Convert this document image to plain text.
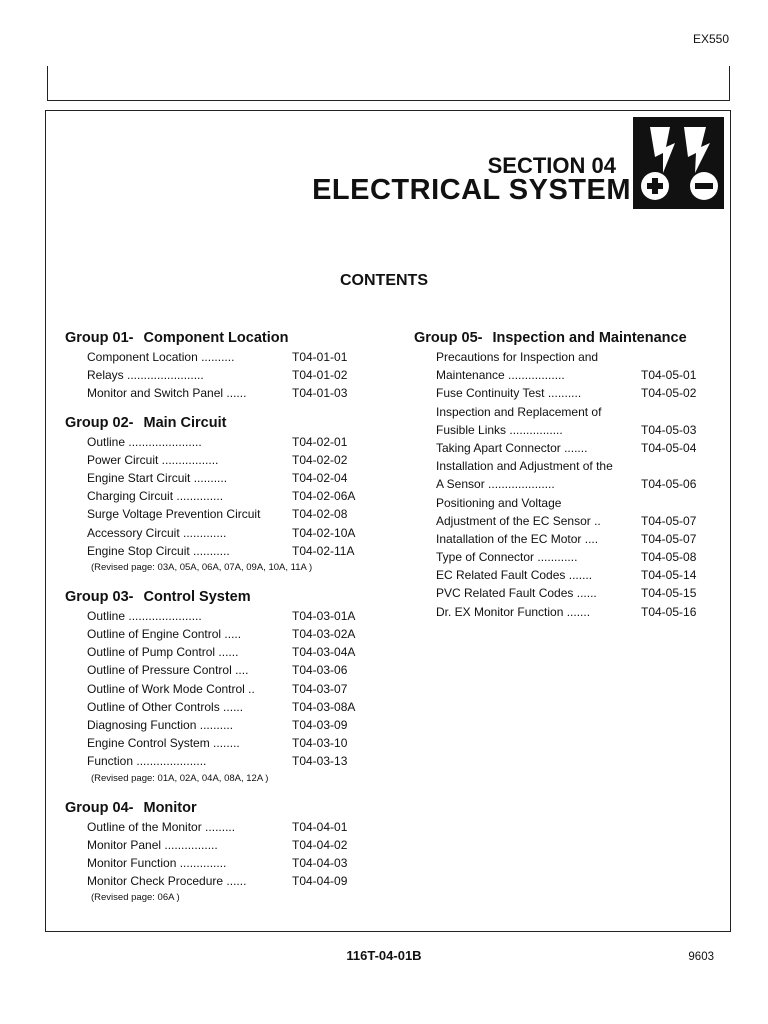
EX550
SECTION 04
ELECTRICAL SYSTEM
CONTENTS
Group 01- Component Location
Component Location ..........	T04-01-01
Relays .......................	T04-01-02
Monitor and Switch Panel ......	T04-01-03
Group 02- Main Circuit
Outline ......................	T04-02-01
Power Circuit .................	T04-02-02
Engine Start Circuit ..........	T04-02-04
Charging Circuit ..............	T04-02-06A
Surge Voltage Prevention Circuit	T04-02-08
Accessory Circuit .............	T04-02-10A
Engine Stop Circuit ...........	T04-02-11A
(Revised page: 03A, 05A, 06A, 07A, 09A, 10A, 11A )
Group 03- Control System
Outline ......................	T04-03-01A
Outline of Engine Control .....	T04-03-02A
Outline of Pump Control ......	T04-03-04A
Outline of Pressure Control ....	T04-03-06
Outline of Work Mode Control ..	T04-03-07
Outline of Other Controls ......	T04-03-08A
Diagnosing Function ..........	T04-03-09
Engine Control System ........	T04-03-10
Function .....................	T04-03-13
(Revised page: 01A, 02A, 04A, 08A, 12A )
Group 04- Monitor
Outline of the Monitor .........	T04-04-01
Monitor Panel ................	T04-04-02
Monitor Function ..............	T04-04-03
Monitor Check Procedure ......	T04-04-09
(Revised page: 06A )
Group 05- Inspection and Maintenance
Precautions for Inspection and
Maintenance .................	T04-05-01
Fuse Continuity Test ..........	T04-05-02
Inspection and Replacement of
Fusible Links ................	T04-05-03
Taking Apart Connector .......	T04-05-04
Installation and Adjustment of the
A Sensor ....................	T04-05-06
Positioning and Voltage
Adjustment of the EC Sensor ..	T04-05-07
Inatallation of the EC Motor ....	T04-05-07
Type of Connector ............	T04-05-08
EC Related Fault Codes .......	T04-05-14
PVC Related Fault Codes ......	T04-05-15
Dr. EX Monitor Function .......	T04-05-16
116T-04-01B	9603
